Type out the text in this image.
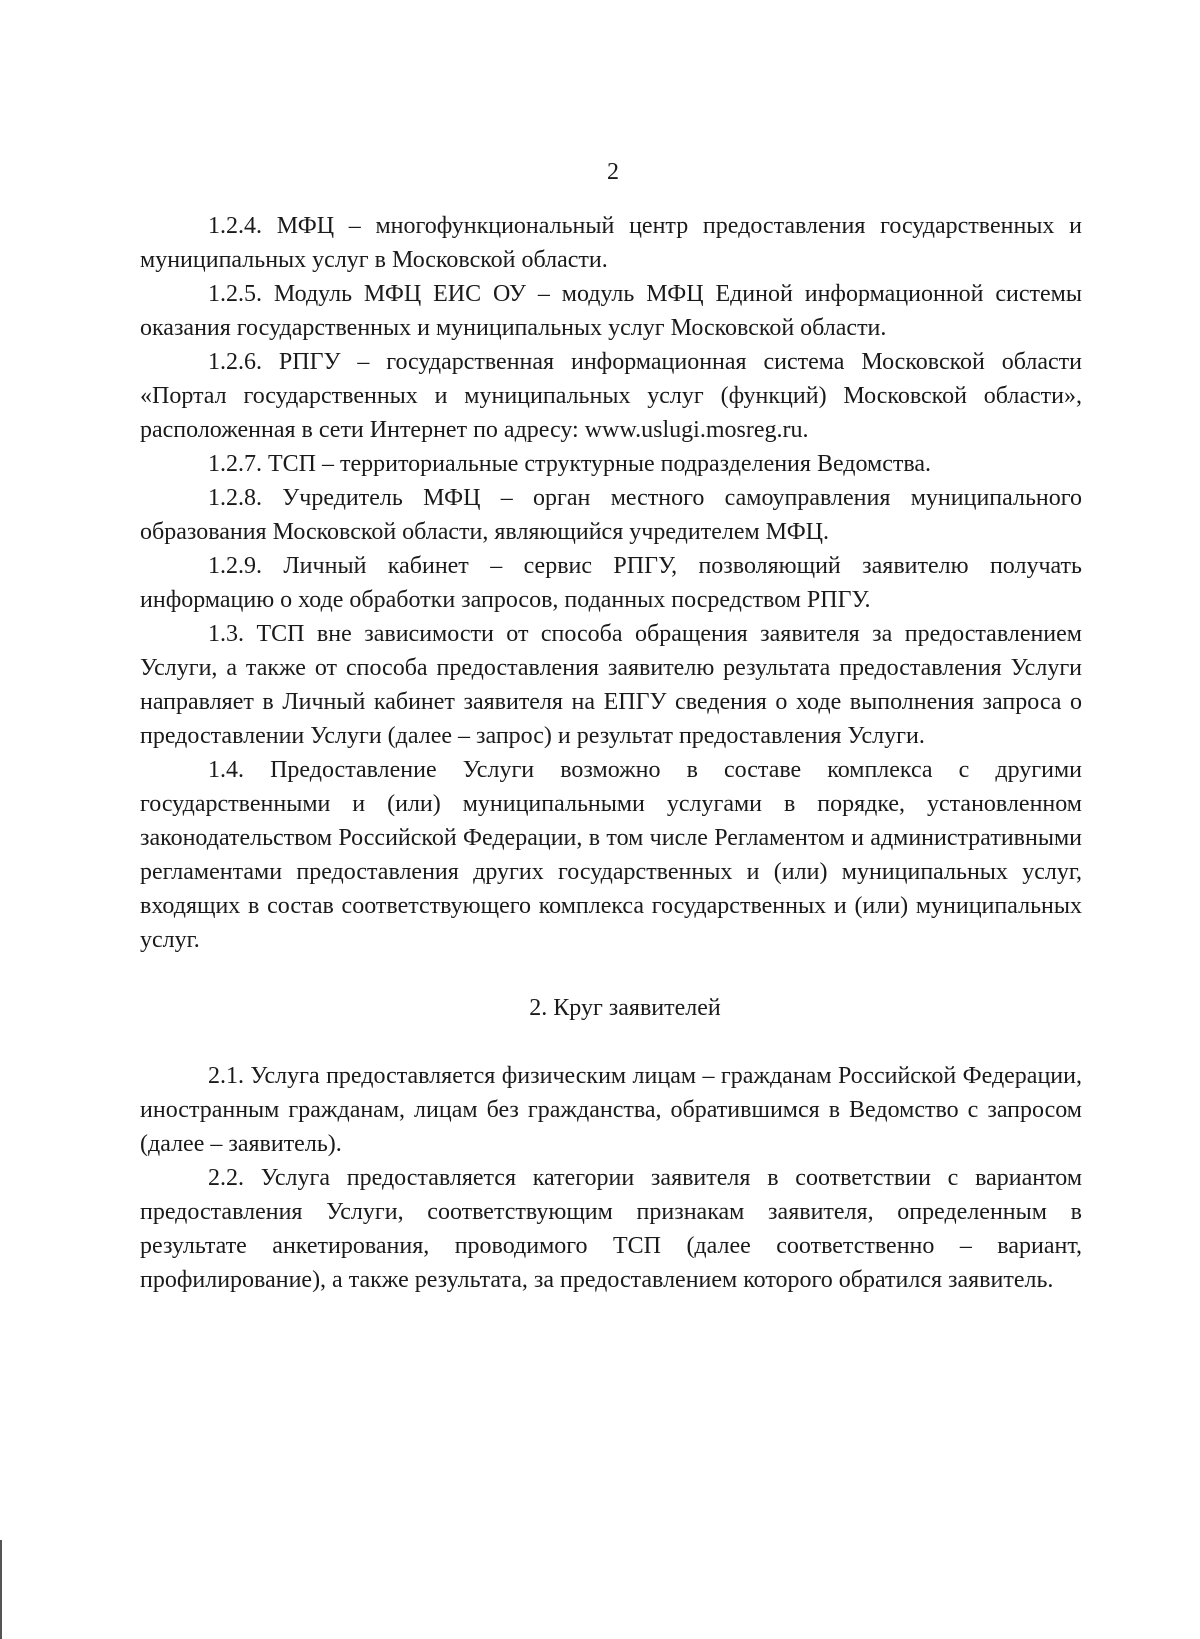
2

1.2.4. МФЦ – многофункциональный центр предоставления государственных и муниципальных услуг в Московской области.

1.2.5. Модуль МФЦ ЕИС ОУ – модуль МФЦ Единой информационной системы оказания государственных и муниципальных услуг Московской области.

1.2.6. РПГУ – государственная информационная система Московской области «Портал государственных и муниципальных услуг (функций) Московской области», расположенная в сети Интернет по адресу: www.uslugi.mosreg.ru.

1.2.7. ТСП – территориальные структурные подразделения Ведомства.

1.2.8. Учредитель МФЦ – орган местного самоуправления муниципального образования Московской области, являющийся учредителем МФЦ.

1.2.9. Личный кабинет – сервис РПГУ, позволяющий заявителю получать информацию о ходе обработки запросов, поданных посредством РПГУ.

1.3. ТСП вне зависимости от способа обращения заявителя за предоставлением Услуги, а также от способа предоставления заявителю результата предоставления Услуги направляет в Личный кабинет заявителя на ЕПГУ сведения о ходе выполнения запроса о предоставлении Услуги (далее – запрос) и результат предоставления Услуги.

1.4. Предоставление Услуги возможно в составе комплекса с другими государственными и (или) муниципальными услугами в порядке, установленном законодательством Российской Федерации, в том числе Регламентом и административными регламентами предоставления других государственных и (или) муниципальных услуг, входящих в состав соответствующего комплекса государственных и (или) муниципальных услуг.

2. Круг заявителей

2.1. Услуга предоставляется физическим лицам – гражданам Российской Федерации, иностранным гражданам, лицам без гражданства, обратившимся в Ведомство с запросом (далее – заявитель).

2.2. Услуга предоставляется категории заявителя в соответствии с вариантом предоставления Услуги, соответствующим признакам заявителя, определенным в результате анкетирования, проводимого ТСП (далее соответственно – вариант, профилирование), а также результата, за предоставлением которого обратился заявитель.
